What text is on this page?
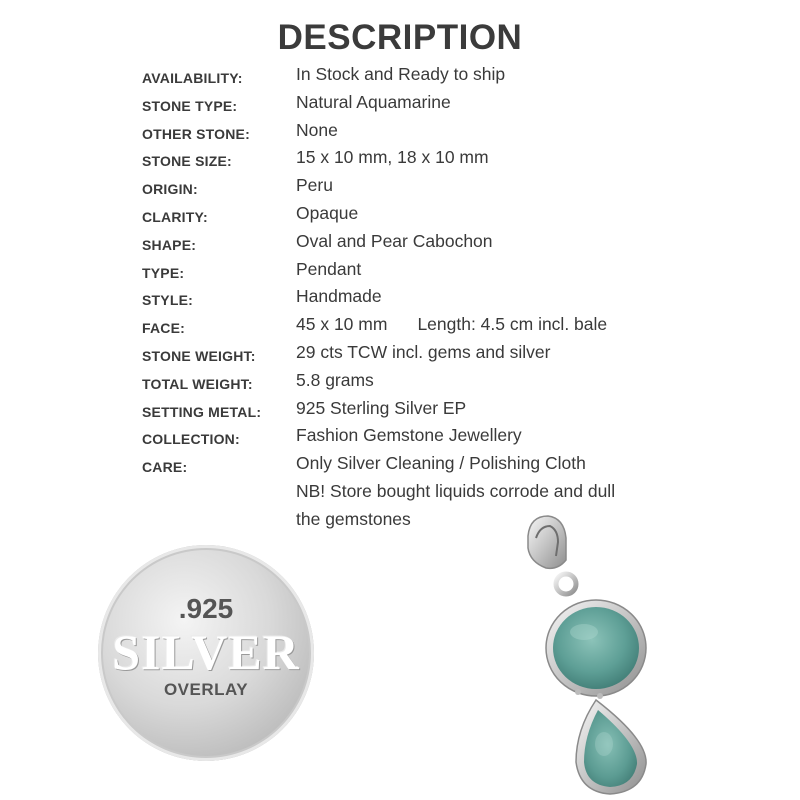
DESCRIPTION
AVAILABILITY:	In Stock and Ready to ship
STONE TYPE:	Natural Aquamarine
OTHER STONE:	None
STONE SIZE:	15 x 10 mm, 18 x 10 mm
ORIGIN:	Peru
CLARITY:	Opaque
SHAPE:	Oval and Pear Cabochon
TYPE:	Pendant
STYLE:	Handmade
FACE:	45 x 10 mm Length: 4.5 cm incl. bale
STONE WEIGHT: 29 cts TCW incl. gems and silver
TOTAL WEIGHT: 5.8 grams
SETTING METAL: 925 Sterling Silver EP
COLLECTION:	Fashion Gemstone Jewellery
CARE:	Only Silver Cleaning / Polishing Cloth
NB! Store bought liquids corrode and dull
the gemstones
.925
SILVER
OVERLAY
